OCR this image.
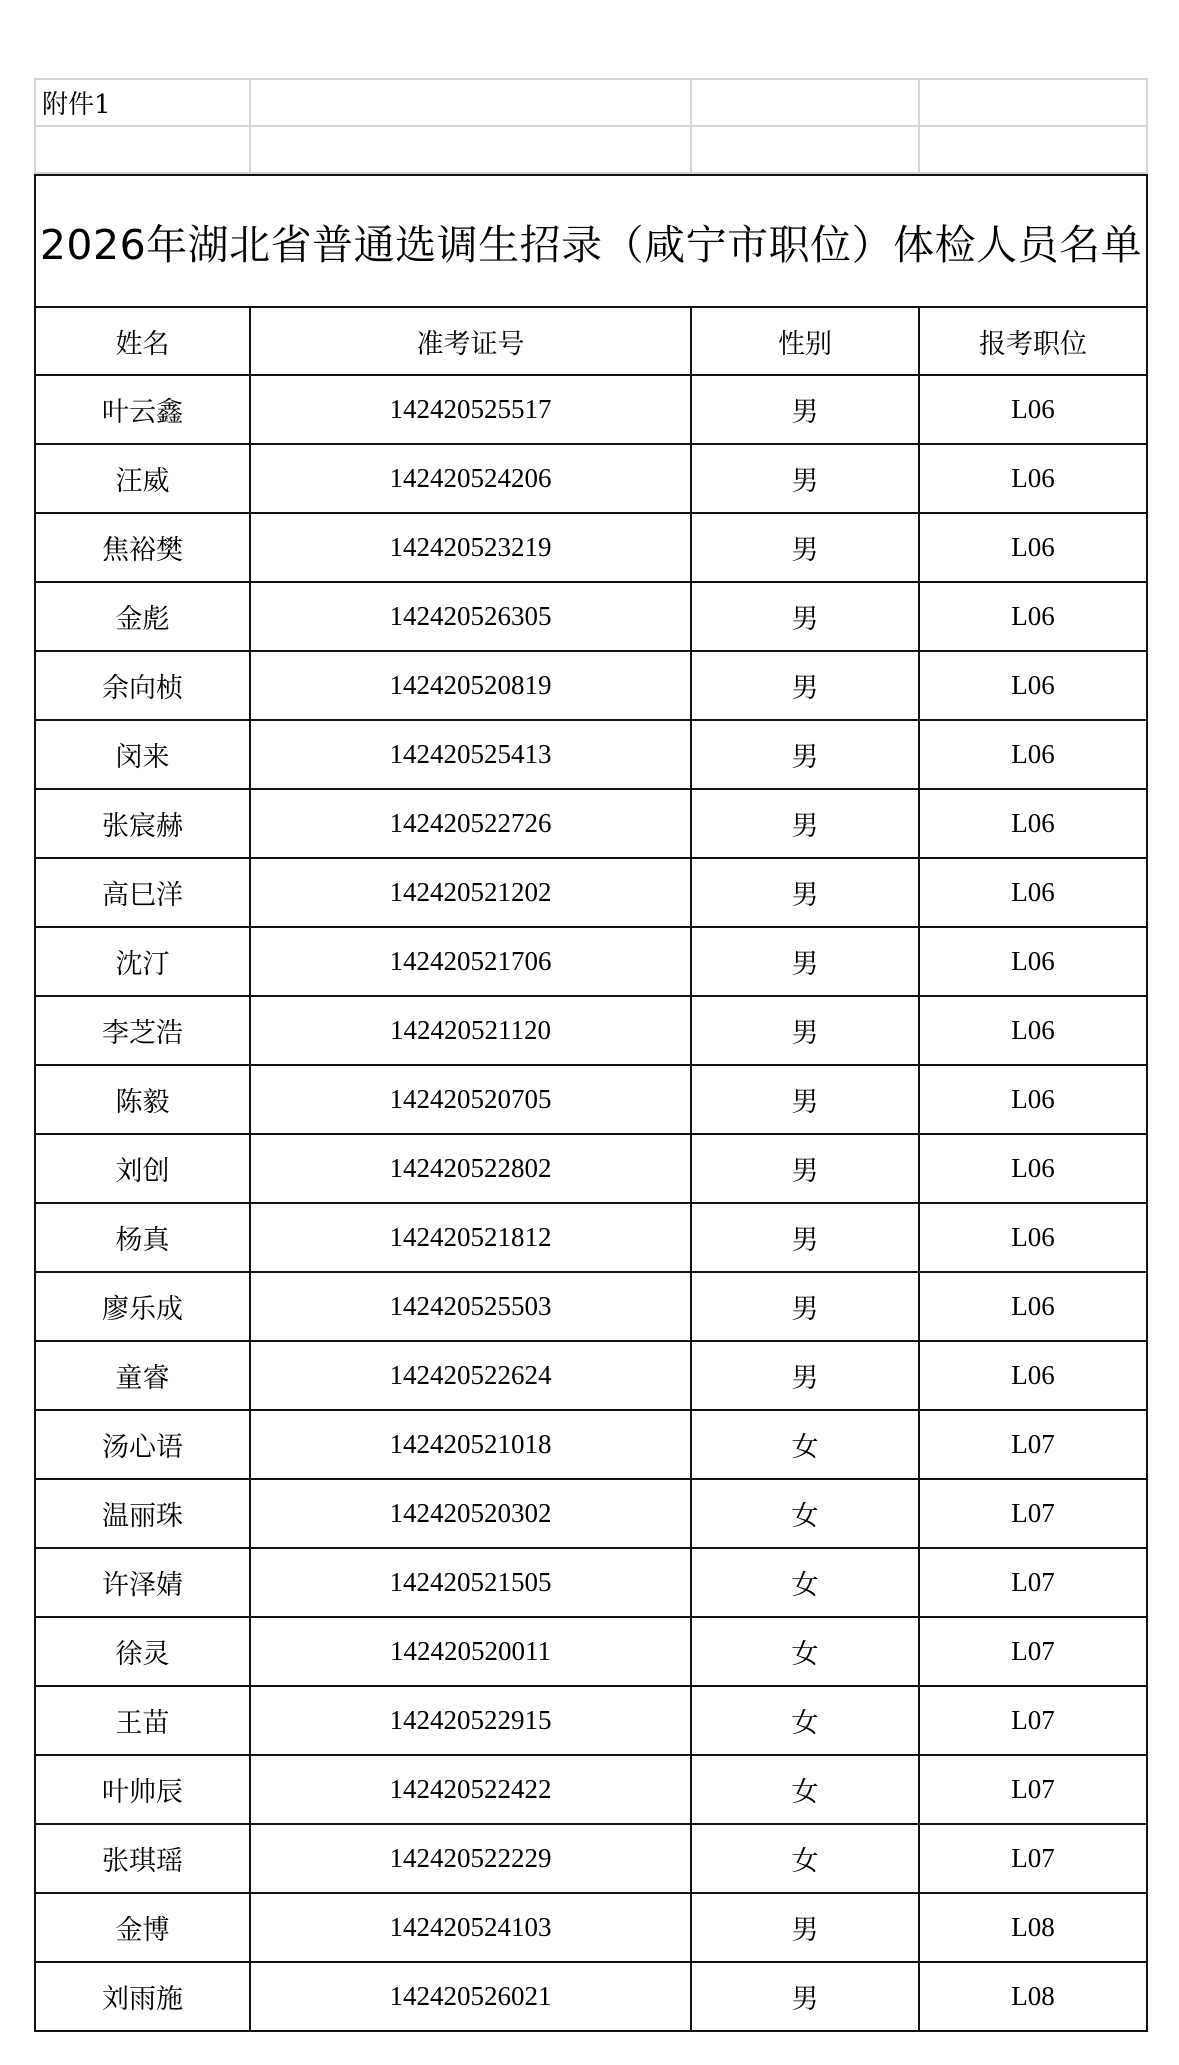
附件1			

2026年湖北省普通选调生招录（咸宁市职位）体检人员名单			
姓名	准考证号	性别	报考职位
叶云鑫	142420525517	男	L06
汪威	142420524206	男	L06
焦裕樊	142420523219	男	L06
金彪	142420526305	男	L06
余向桢	142420520819	男	L06
闵来	142420525413	男	L06
张宸赫	142420522726	男	L06
高巳洋	142420521202	男	L06
沈汀	142420521706	男	L06
李芝浩	142420521120	男	L06
陈毅	142420520705	男	L06
刘创	142420522802	男	L06
杨真	142420521812	男	L06
廖乐成	142420525503	男	L06
童睿	142420522624	男	L06
汤心语	142420521018	女	L07
温丽珠	142420520302	女	L07
许泽婧	142420521505	女	L07
徐灵	142420520011	女	L07
王苗	142420522915	女	L07
叶帅辰	142420522422	女	L07
张琪瑶	142420522229	女	L07
金博	142420524103	男	L08
刘雨施	142420526021	男	L08
